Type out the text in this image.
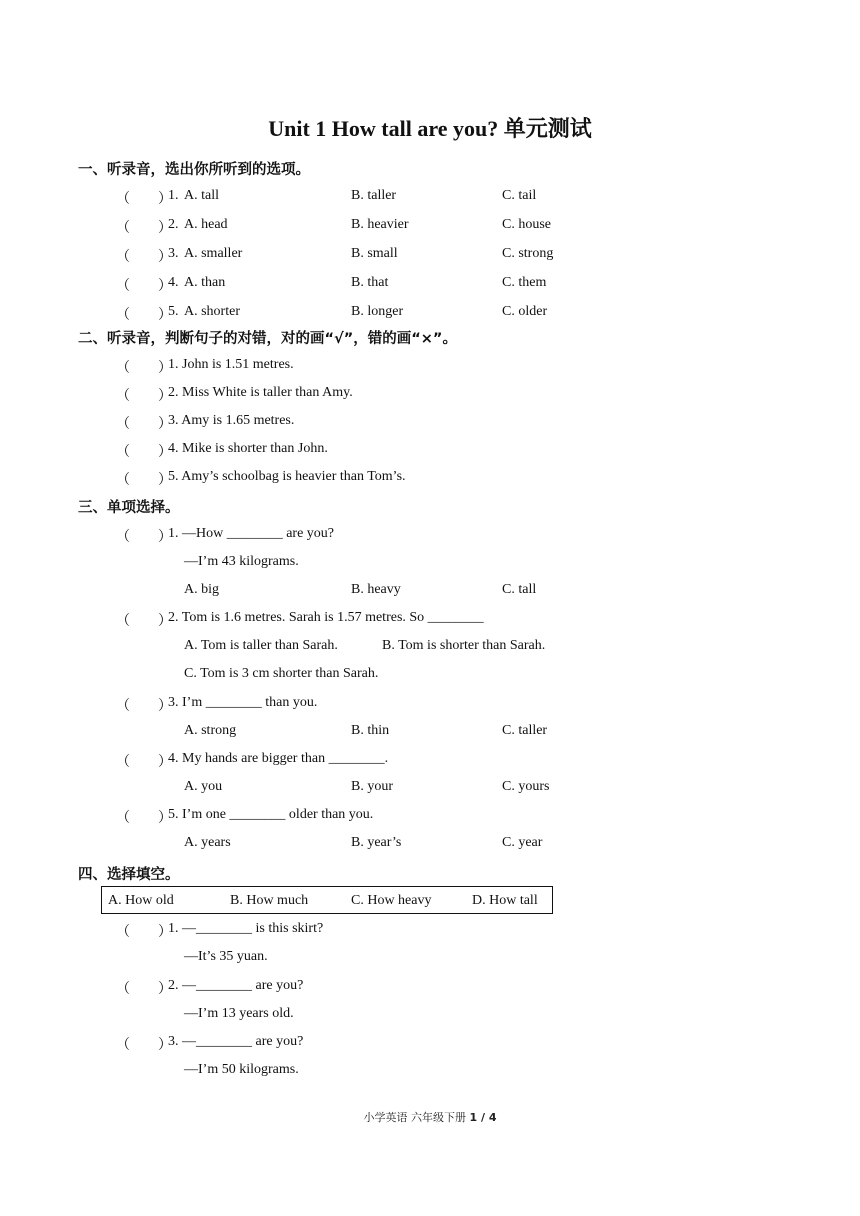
Unit 1 How tall are you? 单元测试
一、听录音，选出你所听到的选项。
（　　）
1. A. tall	B. taller	C. tail
（　　）
2. A. head	B. heavier	C. house
（　　）
3. A. smaller	B. small	C. strong
（　　）
4. A. than	B. that	C. them
（　　）
5. A. shorter	B. longer	C. older
二、听录音，判断句子的对错，对的画“√”，错的画“×”。
（　　）
1. John is 1.51 metres.
（　　）
2. Miss White is taller than Amy.
（　　）
3. Amy is 1.65 metres.
（　　）
4. Mike is shorter than John.
（　　）
5. Amy’s schoolbag is heavier than Tom’s.
三、单项选择。
（　　）
1. —How ________ are you?
—I’m 43 kilograms.
A. big	B. heavy	C. tall
（　　）
2. Tom is 1.6 metres. Sarah is 1.57 metres. So ________
A. Tom is taller than Sarah.	B. Tom is shorter than Sarah.
C. Tom is 3 cm shorter than Sarah.
（　　）
3. I’m ________ than you.
A. strong	B. thin	C. taller
（　　）
4. My hands are bigger than ________.
A. you	B. your	C. yours
（　　）
5. I’m one ________ older than you.
A. years	B. year’s	C. year
四、选择填空。
A. How old	B. How much	C. How heavy	D. How tall
（　　）
1. —________ is this skirt?
—It’s 35 yuan.
（　　）
2. —________ are you?
—I’m 13 years old.
（　　）
3. —________ are you?
—I’m 50 kilograms.
小学英语 六年级下册 1 / 4
